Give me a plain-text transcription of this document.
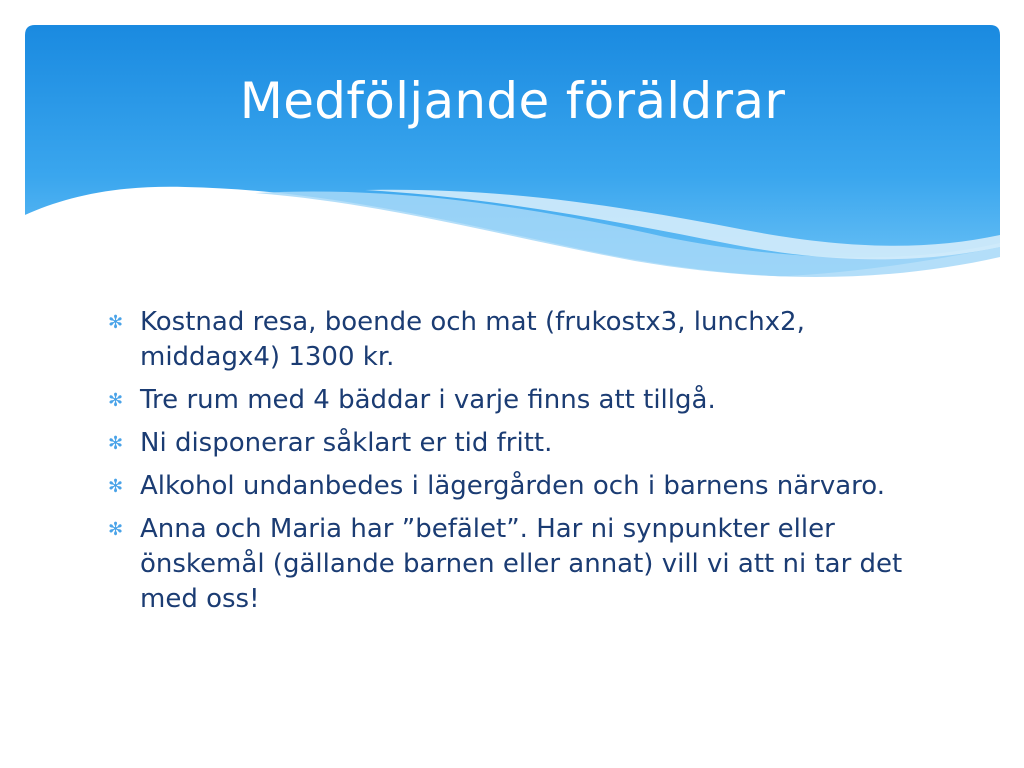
Medföljande föräldrar
✻ Kostnad resa, boende och mat (frukostx3, lunchx2, middagx4) 1300 kr.
✻ Tre rum med 4 bäddar i varje finns att tillgå.
✻ Ni disponerar såklart er tid fritt.
✻ Alkohol undanbedes i lägergården och i barnens närvaro.
✻ Anna och Maria har ”befälet”. Har ni synpunkter eller önskemål (gällande barnen eller annat) vill vi att ni tar det med oss!
